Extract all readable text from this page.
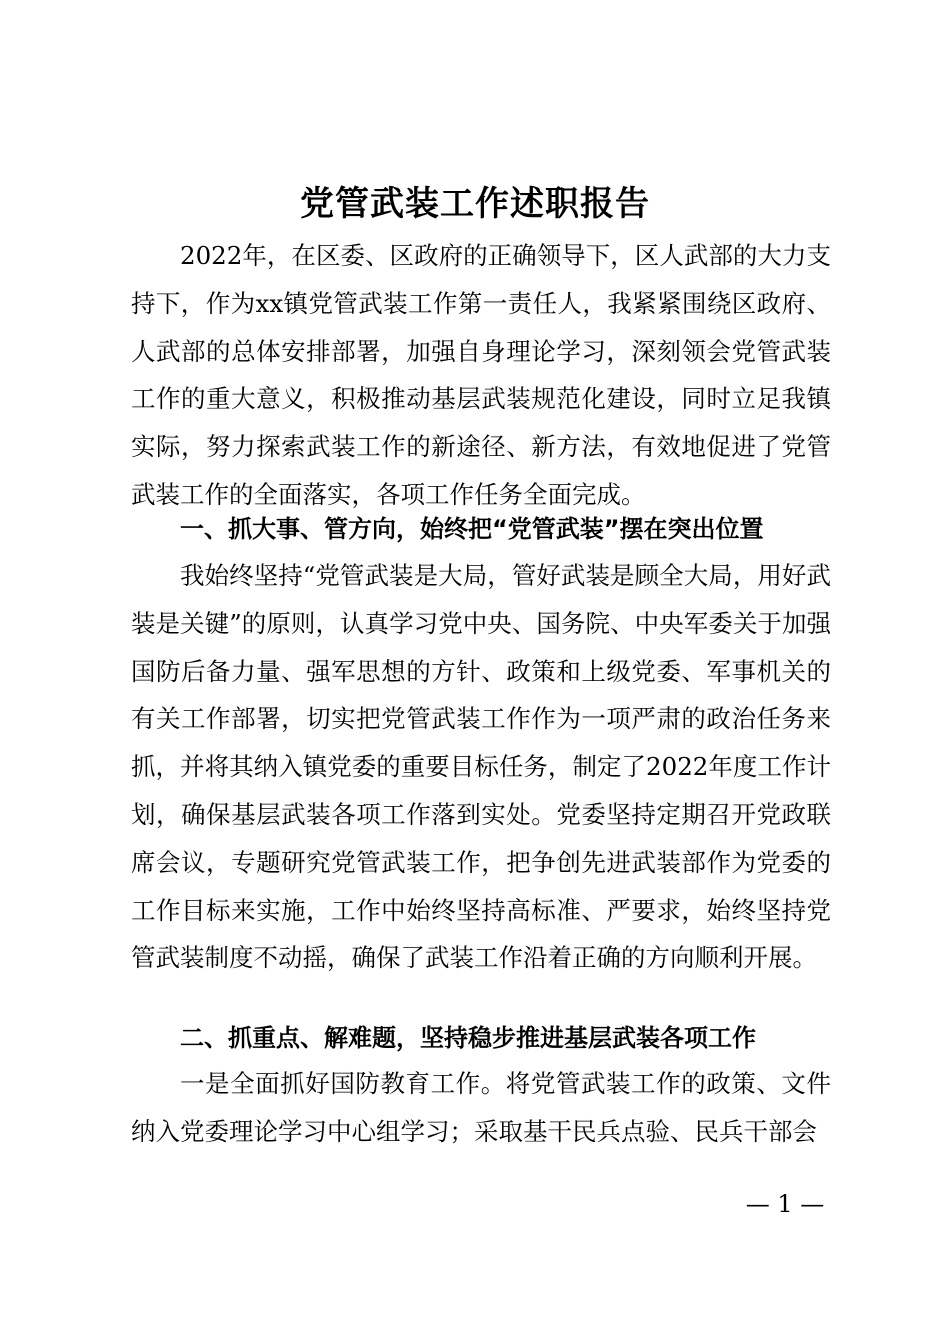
党管武装工作述职报告
2022年，在区委、区政府的正确领导下，区人武部的大力支持下，作为xx镇党管武装工作第一责任人，我紧紧围绕区政府、人武部的总体安排部署，加强自身理论学习，深刻领会党管武装工作的重大意义，积极推动基层武装规范化建设，同时立足我镇实际，努力探索武装工作的新途径、新方法，有效地促进了党管武装工作的全面落实，各项工作任务全面完成。
一、抓大事、管方向，始终把“党管武装”摆在突出位置
我始终坚持“党管武装是大局，管好武装是顾全大局，用好武装是关键”的原则，认真学习党中央、国务院、中央军委关于加强国防后备力量、强军思想的方针、政策和上级党委、军事机关的有关工作部署，切实把党管武装工作作为一项严肃的政治任务来抓，并将其纳入镇党委的重要目标任务，制定了2022年度工作计划，确保基层武装各项工作落到实处。党委坚持定期召开党政联席会议，专题研究党管武装工作，把争创先进武装部作为党委的工作目标来实施，工作中始终坚持高标准、严要求，始终坚持党管武装制度不动摇，确保了武装工作沿着正确的方向顺利开展。
二、抓重点、解难题，坚持稳步推进基层武装各项工作
一是全面抓好国防教育工作。将党管武装工作的政策、文件纳入党委理论学习中心组学习；采取基干民兵点验、民兵干部会
— 1 —
